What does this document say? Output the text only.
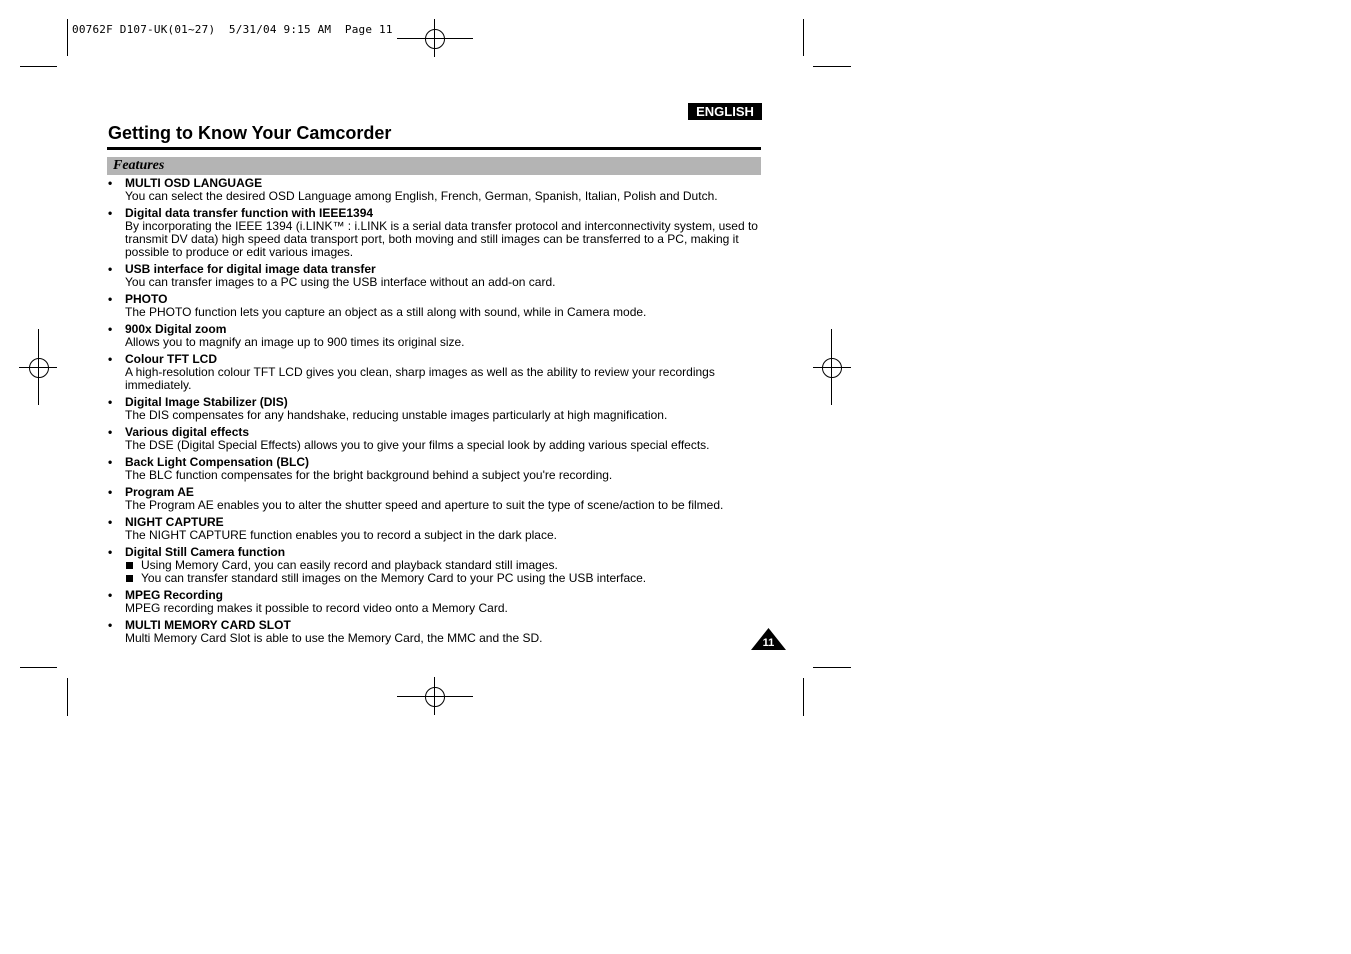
00762F D107-UK(01~27)  5/31/04 9:15 AM  Page 11
ENGLISH
Getting to Know Your Camcorder
Features
• MULTI OSD LANGUAGE
You can select the desired OSD Language among English, French, German, Spanish, Italian, Polish and Dutch.
• Digital data transfer function with IEEE1394
By incorporating the IEEE 1394 (i.LINK™ : i.LINK is a serial data transfer protocol and interconnectivity system, used to transmit DV data) high speed data transport port, both moving and still images can be transferred to a PC, making it possible to produce or edit various images.
• USB interface for digital image data transfer
You can transfer images to a PC using the USB interface without an add-on card.
• PHOTO
The PHOTO function lets you capture an object as a still along with sound, while in Camera mode.
• 900x Digital zoom
Allows you to magnify an image up to 900 times its original size.
• Colour TFT LCD
A high-resolution colour TFT LCD gives you clean, sharp images as well as the ability to review your recordings immediately.
• Digital Image Stabilizer (DIS)
The DIS compensates for any handshake, reducing unstable images particularly at high magnification.
• Various digital effects
The DSE (Digital Special Effects) allows you to give your films a special look by adding various special effects.
• Back Light Compensation (BLC)
The BLC function compensates for the bright background behind a subject you're recording.
• Program AE
The Program AE enables you to alter the shutter speed and aperture to suit the type of scene/action to be filmed.
• NIGHT CAPTURE
The NIGHT CAPTURE function enables you to record a subject in the dark place.
• Digital Still Camera function
Using Memory Card, you can easily record and playback standard still images.
You can transfer standard still images on the Memory Card to your PC using the USB interface.
• MPEG Recording
MPEG recording makes it possible to record video onto a Memory Card.
• MULTI MEMORY CARD SLOT
Multi Memory Card Slot is able to use the Memory Card, the MMC and the SD.	11
